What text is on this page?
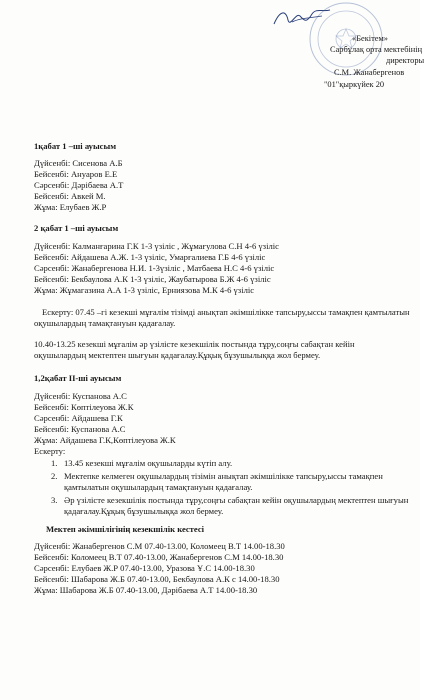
«Бекітем»
Сарбұлақ орта мектебінің
директоры
С.М. Жанабергенов
"01"қыркүйек 20
1қабат 1 –ші ауысым
Дүйсенбі: Сисенова А.Б
Бейсенбі: Ануаров Е.Е
Сәрсенбі: Дәрібаева А.Т
Бейсенбі: Авкей М.
Жұма: Елубаев Ж.Р
2 қабат 1 –ші ауысым
Дүйсенбі: Калманғарина Г.К 1-3 үзіліс , Жұмағулова С.Н 4-6 үзіліс
Бейсенбі: Айдашева А.Ж. 1-3 үзіліс, Умарғалиева Г.Б 4-6 үзіліс
Сәрсенбі: Жанабергенова Н.И. 1-3үзіліс , Матбаева Н.С 4-6 үзіліс
Бейсенбі: Бекбаулова А.К 1-3 үзіліс, Жаубатырова Б.Ж 4-6 үзіліс
Жұма: Жұмагазина А.А 1-3 үзіліс, Ерниязова М.К 4-6 үзіліс
Ескерту: 07.45 –гі кезекші мұғалім тізімді анықтап әкімшілікке тапсыру,ыссы тамақпен қамтылатын
оқушылардың тамақтануын қадағалау.
10.40-13.25 кезекші мұғалім әр үзілісте кезекшілік постында тұру,соңғы сабақтан кейін
оқушылардың мектептен шығуын қадағалау.Құқық бұзушылыққа жол бермеу.
1,2қабат ІІ-ші ауысым
Дүйсенбі: Куспанова А.С
Бейсенбі: Көптілеуова Ж.К
Сәрсенбі: Айдашева Г.К
Бейсенбі: Куспанова А.С
Жұма: Айдашева Г.К,Көптілеуова Ж.К
Ескерту:
1. 13.45 кезекші мұғалім оқушыларды күтіп алу.
2. Мектепке келмеген оқушылардың тізімін анықтап әкімшілікке тапсыру,ыссы тамақпен
қамтылатын оқушылардың тамақтануын қадағалау.
3. Әр үзілісте кезекшілік постында тұру,соңғы сабақтан кейін оқушылардың мектептен шығуын
қадағалау.Құқық бұзушылыққа жол бермеу.
Мектеп әкімшілігінің кезекшілік кестесі
Дүйсенбі: Жанабергенов С.М 07.40-13.00, Коломеец В.Т 14.00-18.30
Бейсенбі: Коломеец В.Т 07.40-13.00, Жанабергенов С.М 14.00-18.30
Сәрсенбі: Елубаев Ж.Р 07.40-13.00, Уразова Ұ.С 14.00-18.30
Бейсенбі: Шабарова Ж.Б 07.40-13.00, Бекбаулова А.К с 14.00-18.30
Жұма: Шабарова Ж.Б 07.40-13.00, Дәрібаева А.Т 14.00-18.30
